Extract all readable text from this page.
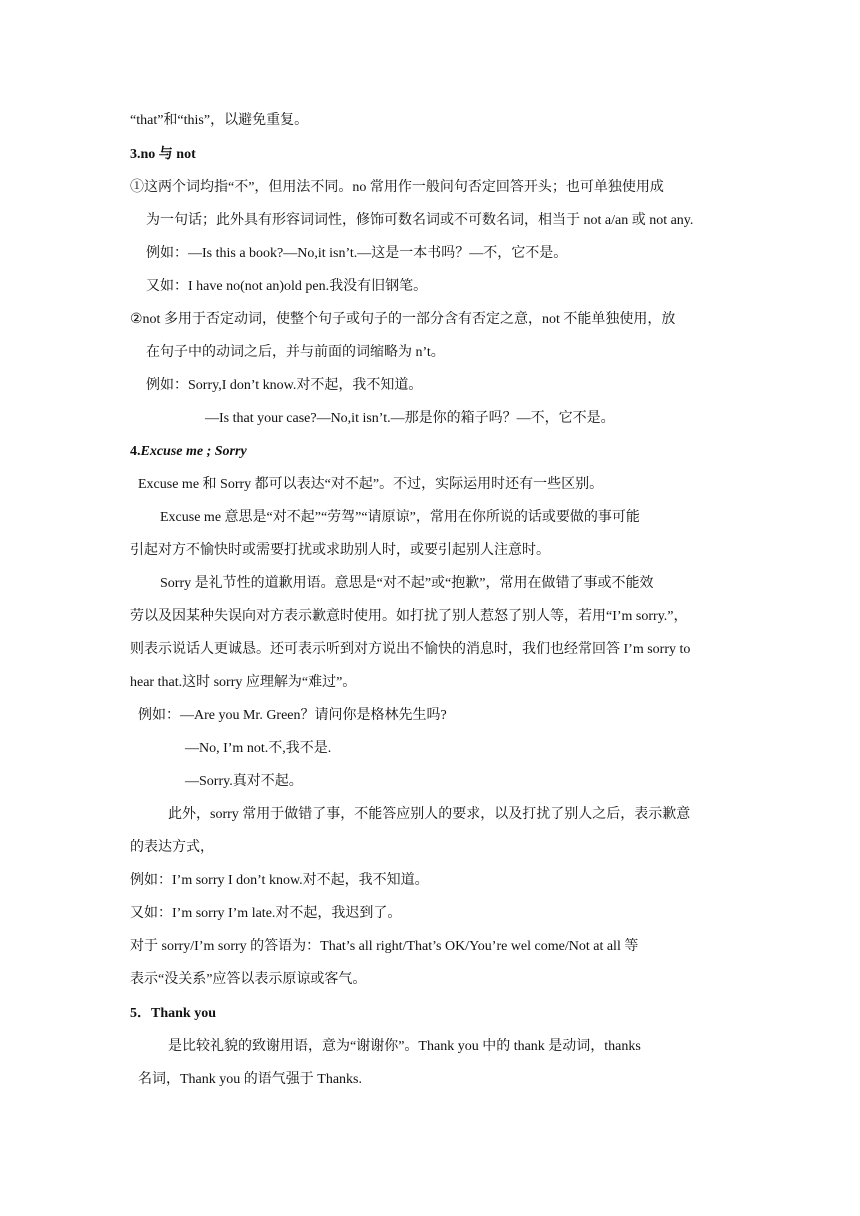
“that”和“this”，以避免重复。
3.no 与 not
①这两个词均指“不”，但用法不同。no 常用作一般问句否定回答开头；也可单独使用成
为一句话；此外具有形容词词性，修饰可数名词或不可数名词，相当于 not a/an 或 not any.
例如：—Is this a book?—No,it isn’t.—这是一本书吗？—不，它不是。
又如：I have no(not an)old pen.我没有旧钢笔。
②not 多用于否定动词，使整个句子或句子的一部分含有否定之意，not 不能单独使用，放
在句子中的动词之后，并与前面的词缩略为 n’t。
例如：Sorry,I don’t know.对不起，我不知道。
—Is that your case?—No,it isn’t.—那是你的箱子吗？—不，它不是。
4.Excuse me ; Sorry
Excuse me 和 Sorry 都可以表达“对不起”。不过，实际运用时还有一些区别。
Excuse me 意思是“对不起”“劳驾”“请原谅”，常用在你所说的话或要做的事可能
引起对方不愉快时或需要打扰或求助别人时，或要引起别人注意时。
Sorry 是礼节性的道歉用语。意思是“对不起”或“抱歉”，常用在做错了事或不能效
劳以及因某种失误向对方表示歉意时使用。如打扰了别人惹怒了别人等，若用“I’m sorry.”，
则表示说话人更诚恳。还可表示听到对方说出不愉快的消息时，我们也经常回答 I’m sorry to
hear that.这时 sorry 应理解为“难过”。
例如：—Are you Mr. Green？请问你是格林先生吗?
—No, I’m not.不,我不是.
—Sorry.真对不起。
此外，sorry 常用于做错了事，不能答应别人的要求，以及打扰了别人之后，表示歉意
的表达方式，
例如：I’m sorry I don’t know.对不起，我不知道。
又如：I’m sorry I’m late.对不起，我迟到了。
对于 sorry/I’m sorry 的答语为：That’s all right/That’s OK/You’re wel come/Not at all 等
表示“没关系”应答以表示原谅或客气。
5．Thank you
是比较礼貌的致谢用语，意为“谢谢你”。Thank you 中的 thank 是动词，thanks
名词，Thank you 的语气强于 Thanks.
